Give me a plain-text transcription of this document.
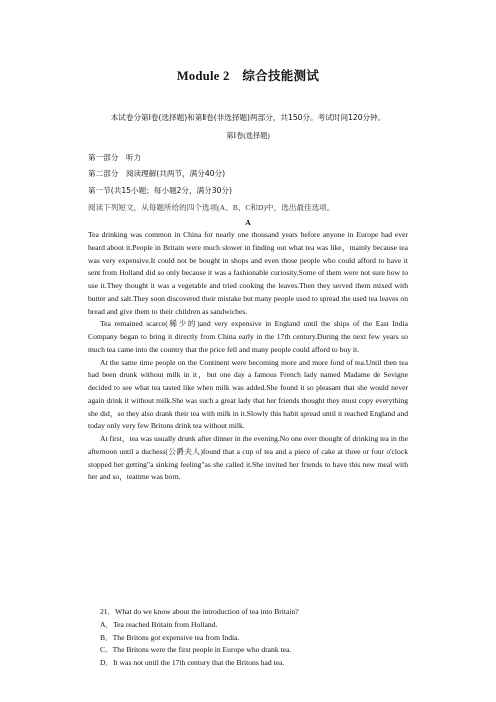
Module 2　综合技能测试
本试卷分第Ⅰ卷(选择题)和第Ⅱ卷(非选择题)两部分，共150分。考试时间120分钟。
第Ⅰ卷(选择题)
第一部分　听力
第二部分　阅读理解(共两节，满分40分)
第一节(共15小题；每小题2分，满分30分)
阅读下列短文，从每题所给的四个选项(A、B、C和D)中，选出最佳选项。
A

Tea drinking was common in China for nearly one thousand years before anyone in Europe had ever heard about it.People in Britain were much slower in finding out what tea was like，mainly because tea was very expensive.It could not be bought in shops and even those people who could afford to have it sent from Holland did so only because it was a fashionable curiosity.Some of them were not sure how to use it.They thought it was a vegetable and tried cooking the leaves.Then they served them mixed with butter and salt.They soon discovered their mistake but many people used to spread the used tea leaves on bread and give them to their children as sandwiches.

Tea remained scarce(稀少的)and very expensive in England until the ships of the East India Company began to bring it directly from China early in the 17th century.During the next few years so much tea came into the country that the price fell and many people could afford to buy it.

At the same time people on the Continent were becoming more and more fond of tea.Until then tea had been drunk without milk in it，but one day a famous French lady named Madame de Sevigne decided to see what tea tasted like when milk was added.She found it so pleasant that she would never again drink it without milk.She was such a great lady that her friends thought they must copy everything she did，so they also drank their tea with milk in it.Slowly this habit spread until it reached England and today only very few Britons drink tea without milk.

At first，tea was usually drunk after dinner in the evening.No one ever thought of drinking tea in the afternoon until a duchess(公爵夫人)found that a cup of tea and a piece of cake at three or four o'clock stopped her getting"a sinking feeling"as she called it.She invited her friends to have this new meal with her and so，teatime was born.

21．What do we know about the introduction of tea into Britain?
A．Tea reached Britain from Holland.
B．The Britons got expensive tea from India.
C．The Britons were the first people in Europe who drank tea.
D．It was not until the 17th century that the Britons had tea.
